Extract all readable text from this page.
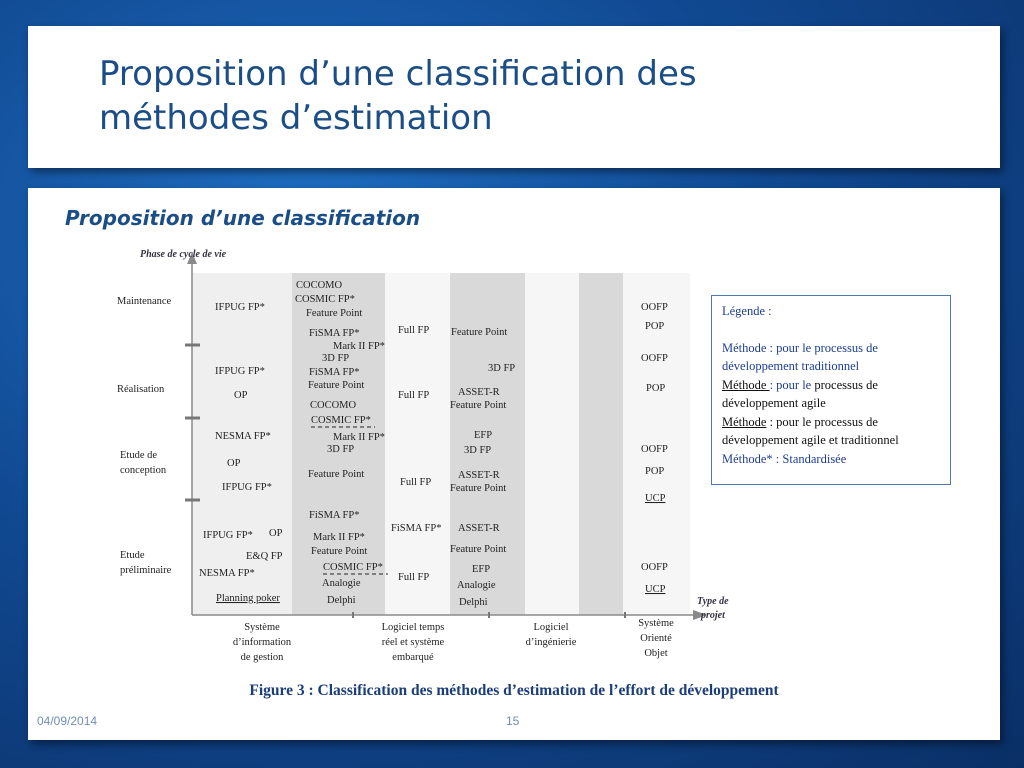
Proposition d’une classification des
méthodes d’estimation
Proposition d’une classification
Phase de cycle de vie
Type de
projet
Maintenance
Réalisation
Etude de
conception
Etude
préliminaire
Système
d’information
de gestion
Logiciel temps
réel et système
embarqué
Logiciel
d’ingénierie
Système
Orienté
Objet
IFPUG FP*
IFPUG FP*
OP
NESMA FP*
OP
IFPUG FP*
IFPUG FP* OP
E&Q FP
NESMA FP*
Planning poker
COCOMO
COSMIC FP*
Feature Point
FiSMA FP*
Mark II FP*
3D FP
FiSMA FP*
Feature Point
COCOMO
COSMIC FP*
Mark II FP*
3D FP
Feature Point
FiSMA FP*
Mark II FP*
Feature Point
COSMIC FP*
Analogie
Delphi
Full FP
Full FP
Full FP
FiSMA FP*
Full FP
Feature Point
3D FP
ASSET-R
Feature Point
EFP
3D FP
ASSET-R
Feature Point
ASSET-R
Feature Point
EFP
Analogie
Delphi
OOFP
POP
OOFP
POP
OOFP
POP
UCP
OOFP
UCP
Légende :
Méthode : pour le processus de
développement traditionnel
Méthode : pour le processus de
développement agile
Méthode : pour le processus de
développement agile et traditionnel
Méthode* : Standardisée
Figure 3 : Classification des méthodes d’estimation de l’effort de développement
04/09/2014	15
